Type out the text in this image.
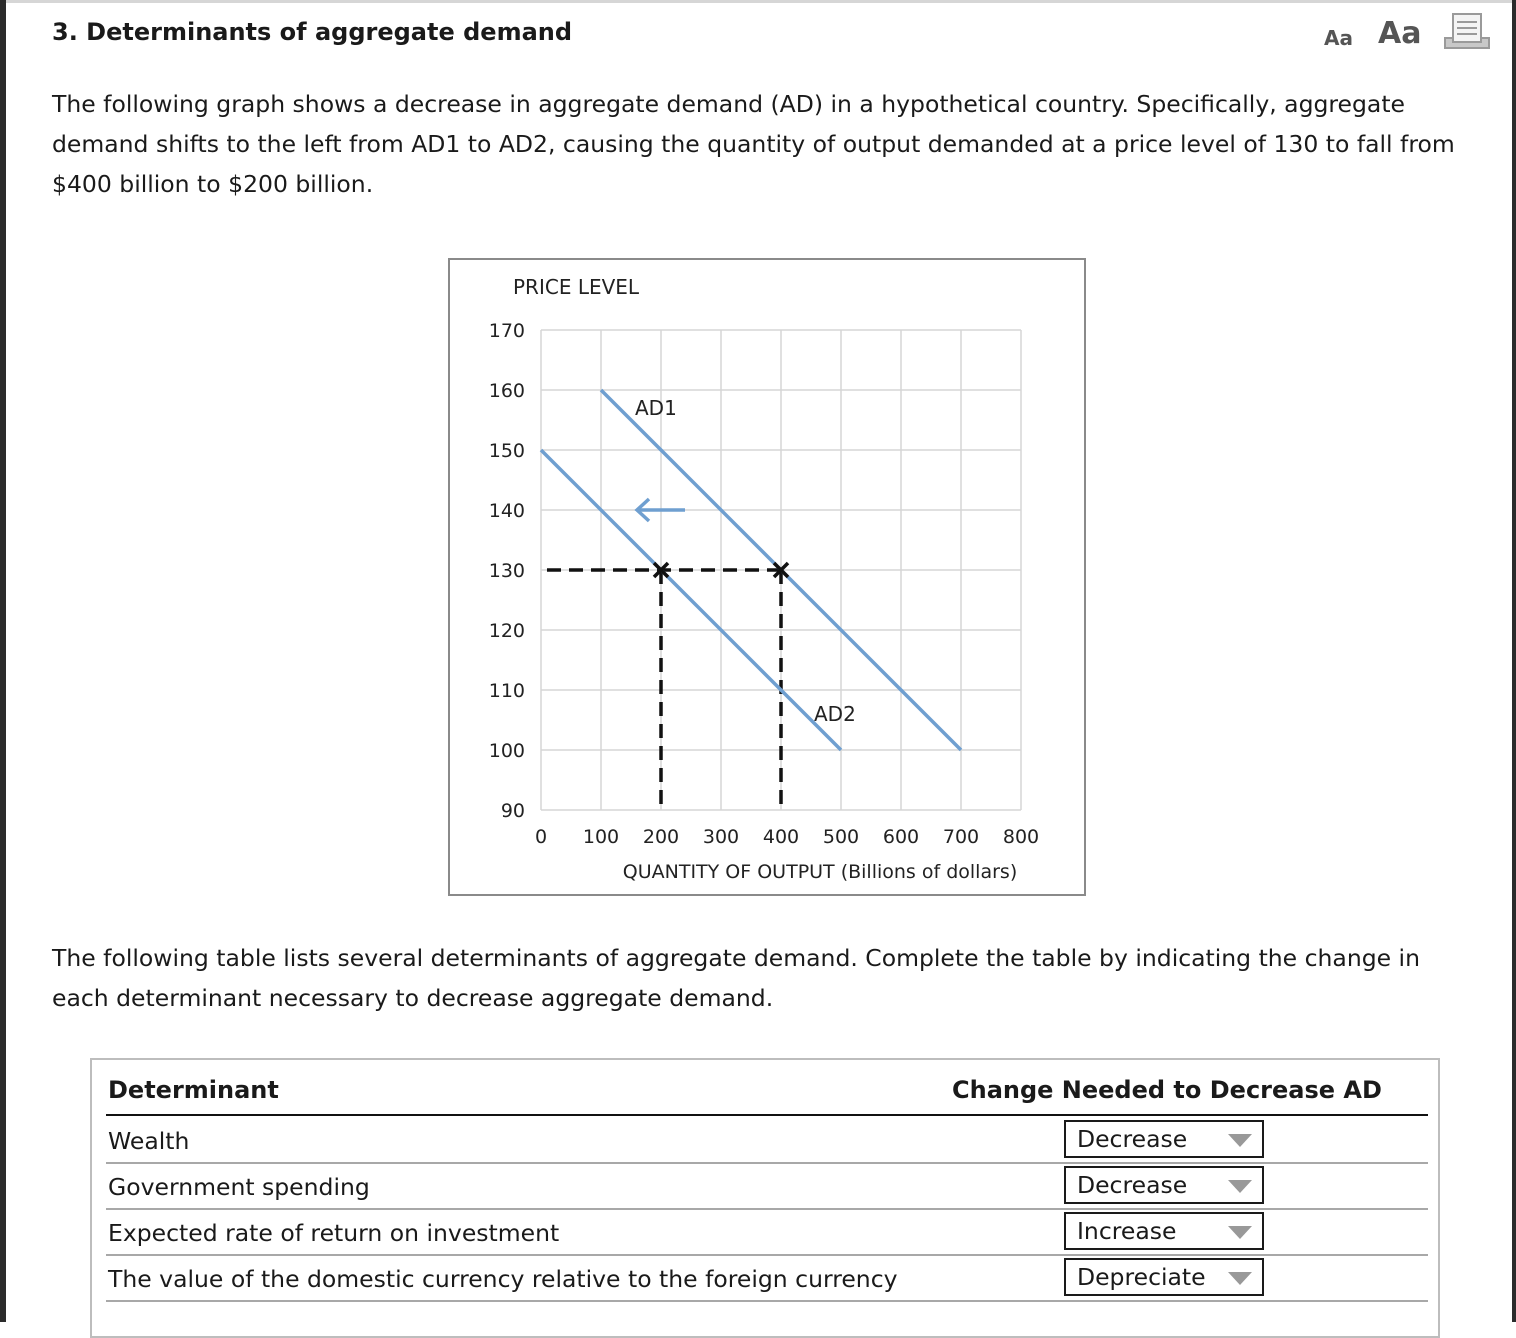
3. Determinants of aggregate demand	Aa Aa

The following graph shows a decrease in aggregate demand (AD) in a hypothetical country. Specifically, aggregate demand shifts to the left from AD1 to AD2, causing the quantity of output demanded at a price level of 130 to fall from $400 billion to $200 billion.

90
100
110
120
130
140
150
160
170
0 100 200 300 400 500 600 700 800
PRICE LEVEL
QUANTITY OF OUTPUT (Billions of dollars)
AD1
AD2

The following table lists several determinants of aggregate demand. Complete the table by indicating the change in each determinant necessary to decrease aggregate demand.

Determinant	Change Needed to Decrease AD
Wealth	Decrease
Government spending	Decrease
Expected rate of return on investment	Increase
The value of the domestic currency relative to the foreign currency	Depreciate
